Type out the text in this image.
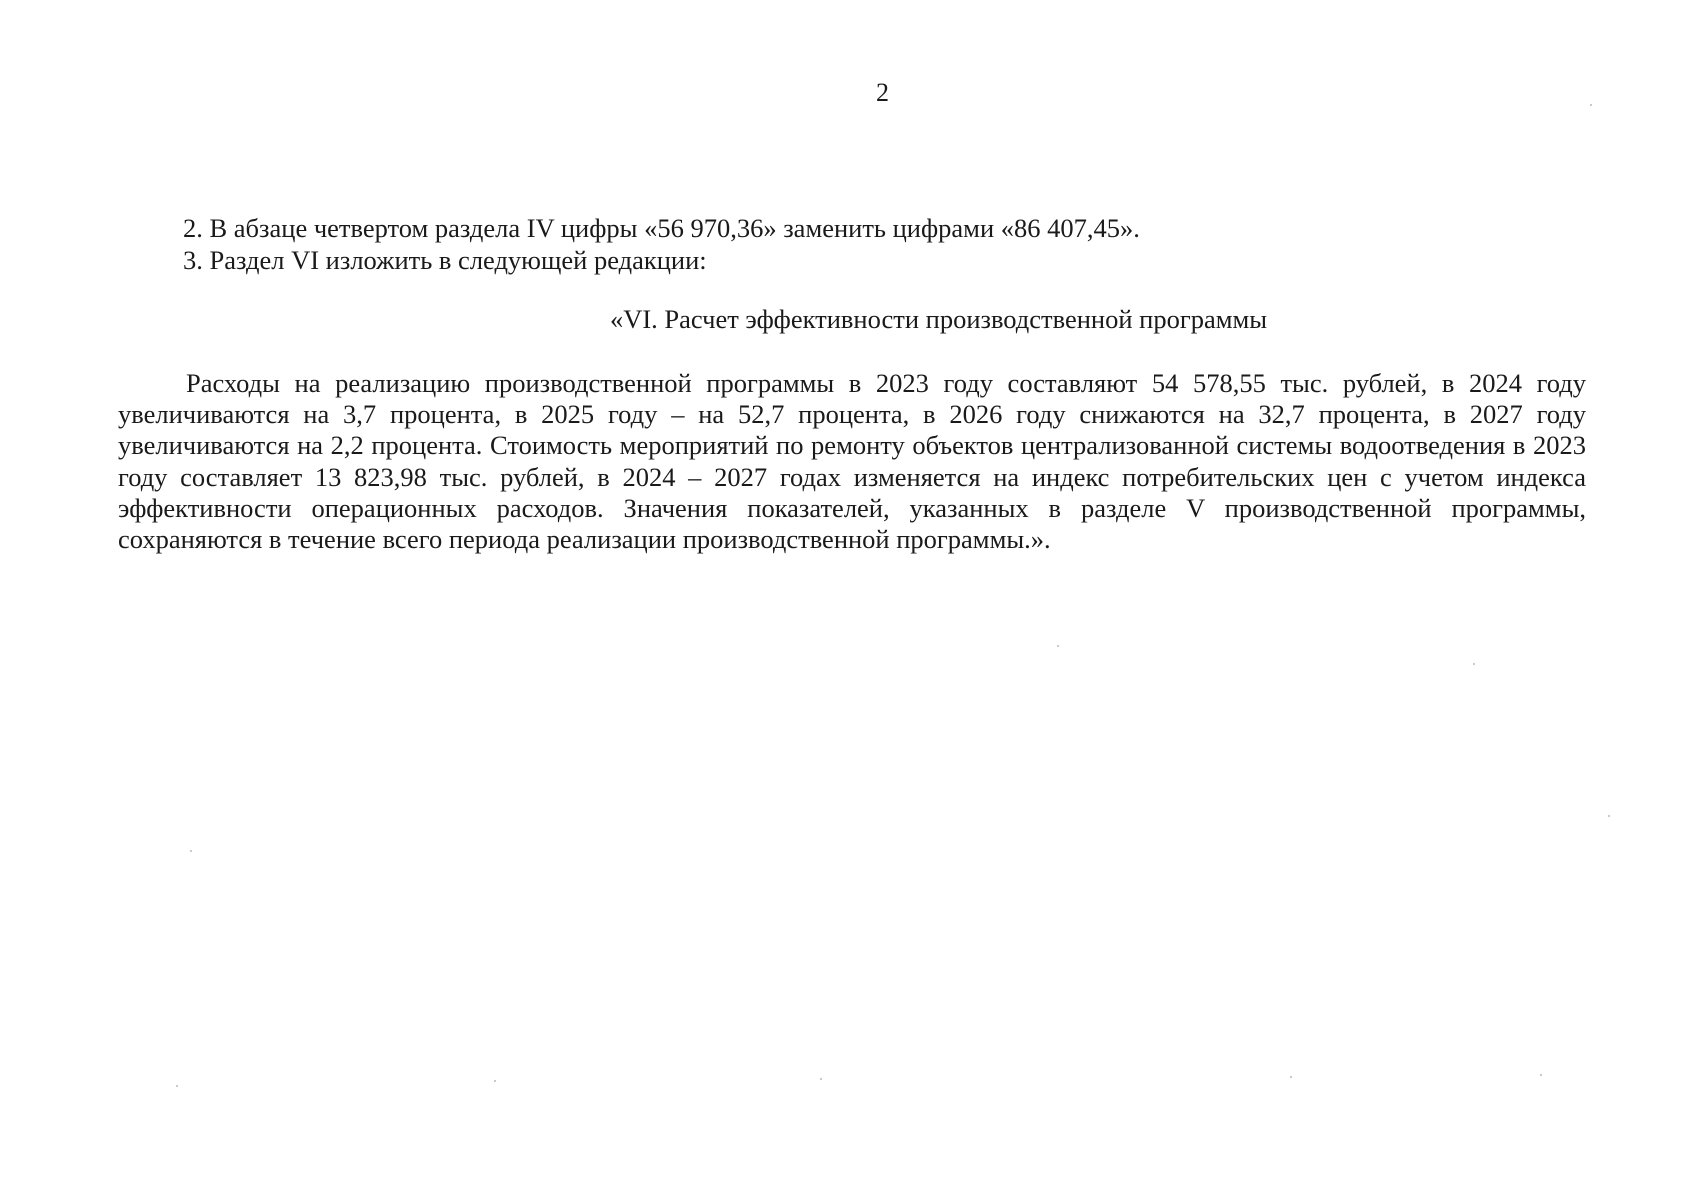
2
2. В абзаце четвертом раздела IV цифры «56 970,36» заменить цифрами «86 407,45».
3. Раздел VI изложить в следующей редакции:
«VI. Расчет эффективности производственной программы

Расходы на реализацию производственной программы в 2023 году составляют 54 578,55 тыс. рублей, в 2024 году увеличиваются на 3,7 процента, в 2025 году – на 52,7 процента, в 2026 году снижаются на 32,7 процента, в 2027 году увеличиваются на 2,2 процента. Стоимость мероприятий по ремонту объектов централизованной системы водоотведения в 2023 году составляет 13 823,98 тыс. рублей, в 2024 – 2027 годах изменяется на индекс потребительских цен с учетом индекса эффективности операционных расходов. Значения показателей, указанных в разделе V производственной программы, сохраняются в течение всего периода реализации производственной программы.».
